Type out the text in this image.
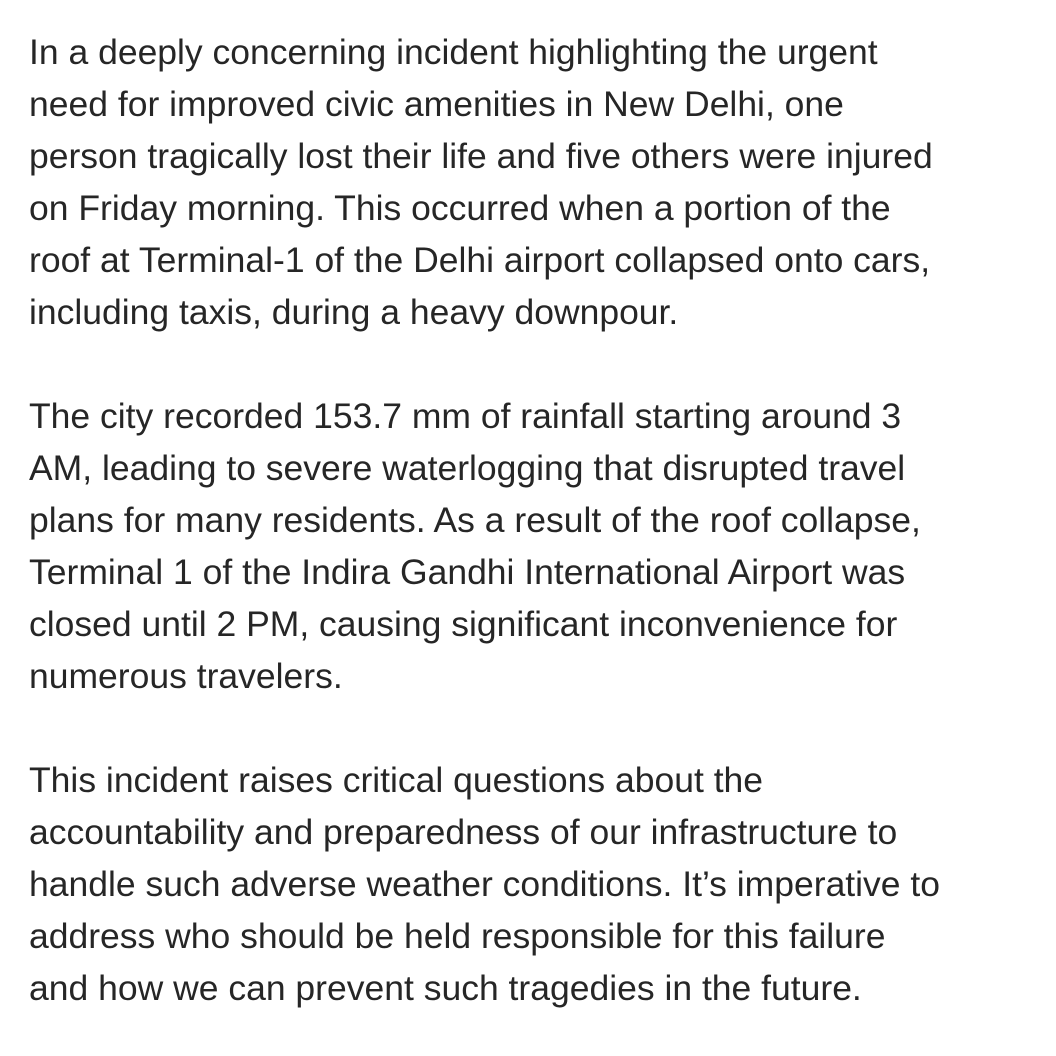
In a deeply concerning incident highlighting the urgent
need for improved civic amenities in New Delhi, one
person tragically lost their life and five others were injured
on Friday morning. This occurred when a portion of the
roof at Terminal-1 of the Delhi airport collapsed onto cars,
including taxis, during a heavy downpour.

The city recorded 153.7 mm of rainfall starting around 3
AM, leading to severe waterlogging that disrupted travel
plans for many residents. As a result of the roof collapse,
Terminal 1 of the Indira Gandhi International Airport was
closed until 2 PM, causing significant inconvenience for
numerous travelers.

This incident raises critical questions about the
accountability and preparedness of our infrastructure to
handle such adverse weather conditions. It’s imperative to
address who should be held responsible for this failure
and how we can prevent such tragedies in the future.
